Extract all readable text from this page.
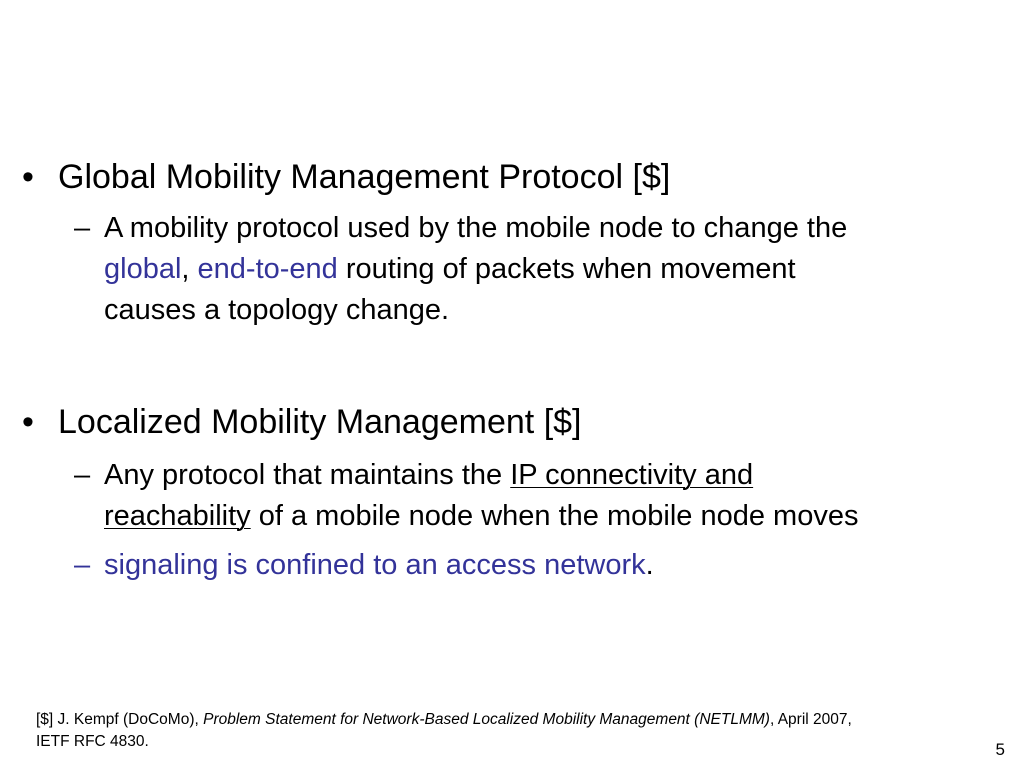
• Global Mobility Management Protocol [$]
– A mobility protocol used by the mobile node to change the
global, end-to-end routing of packets when movement
causes a topology change.
• Localized Mobility Management [$]
– Any protocol that maintains the IP connectivity and
reachability of a mobile node when the mobile node moves
– signaling is confined to an access network.
[$] J. Kempf (DoCoMo), Problem Statement for Network-Based Localized Mobility Management (NETLMM), April 2007,
IETF RFC 4830.	5
